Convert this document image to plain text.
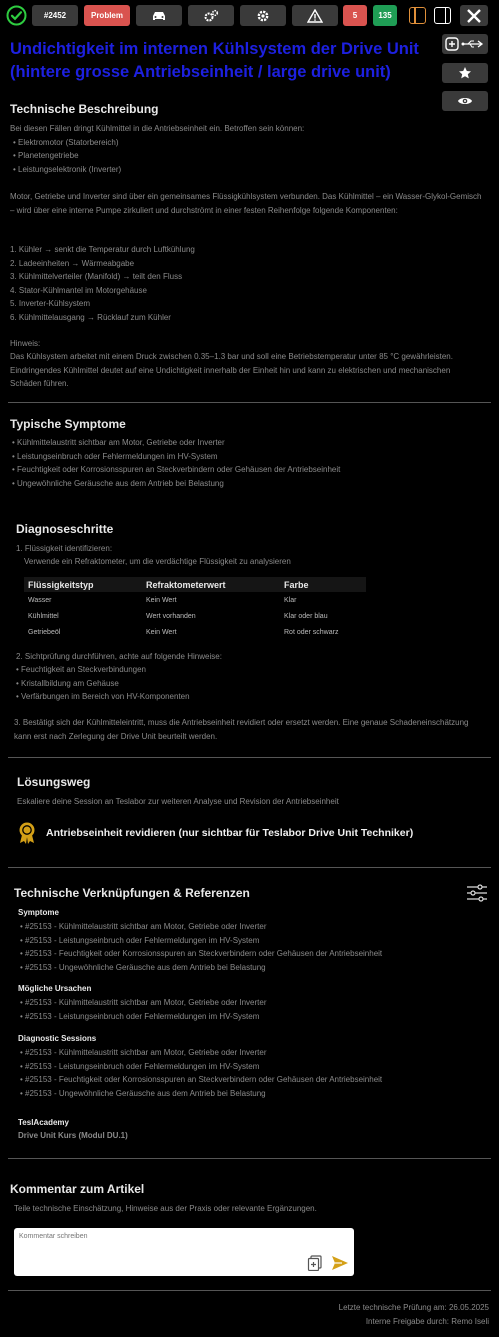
#2452	Problem	5	135
Undichtigkeit im internen Kühlsystem der Drive Unit (hintere grosse Antriebseinheit / large drive unit)
Technische Beschreibung
Bei diesen Fällen dringt Kühlmittel in die Antriebseinheit ein. Betroffen sein können:
• Elektromotor (Statorbereich)
• Planetengetriebe
• Leistungselektronik (Inverter)
Motor, Getriebe und Inverter sind über ein gemeinsames Flüssigkühlsystem verbunden. Das Kühlmittel – ein Wasser-Glykol-Gemisch – wird über eine interne Pumpe zirkuliert und durchströmt in einer festen Reihenfolge folgende Komponenten:
1. Kühler → senkt die Temperatur durch Luftkühlung
2. Ladeeinheiten → Wärmeabgabe
3. Kühlmittelverteiler (Manifold) → teilt den Fluss
4. Stator-Kühlmantel im Motorgehäuse
5. Inverter-Kühlsystem
6. Kühlmittelausgang → Rücklauf zum Kühler
Hinweis:
Das Kühlsystem arbeitet mit einem Druck zwischen 0.35–1.3 bar und soll eine Betriebstemperatur unter 85 °C gewährleisten. Eindringendes Kühlmittel deutet auf eine Undichtigkeit innerhalb der Einheit hin und kann zu elektrischen und mechanischen Schäden führen.
Typische Symptome
• Kühlmittelaustritt sichtbar am Motor, Getriebe oder Inverter
• Leistungseinbruch oder Fehlermeldungen im HV-System
• Feuchtigkeit oder Korrosionsspuren an Steckverbindern oder Gehäusen der Antriebseinheit
• Ungewöhnliche Geräusche aus dem Antrieb bei Belastung
Diagnoseschritte
1. Flüssigkeit identifizieren:
Verwende ein Refraktometer, um die verdächtige Flüssigkeit zu analysieren
Flüssigkeitstyp	Refraktometerwert	Farbe
Wasser	Kein Wert	Klar
Kühlmittel	Wert vorhanden	Klar oder blau
Getriebeöl	Kein Wert	Rot oder schwarz
2. Sichtprüfung durchführen, achte auf folgende Hinweise:
• Feuchtigkeit an Steckverbindungen
• Kristallbildung am Gehäuse
• Verfärbungen im Bereich von HV-Komponenten
3. Bestätigt sich der Kühlmitteleintritt, muss die Antriebseinheit revidiert oder ersetzt werden. Eine genaue Schadeneinschätzung kann erst nach Zerlegung der Drive Unit beurteilt werden.
Lösungsweg
Eskaliere deine Session an Teslabor zur weiteren Analyse und Revision der Antriebseinheit
Antriebseinheit revidieren (nur sichtbar für Teslabor Drive Unit Techniker)
Technische Verknüpfungen & Referenzen
Symptome
• #25153 - Kühlmittelaustritt sichtbar am Motor, Getriebe oder Inverter
• #25153 - Leistungseinbruch oder Fehlermeldungen im HV-System
• #25153 - Feuchtigkeit oder Korrosionsspuren an Steckverbindern oder Gehäusen der Antriebseinheit
• #25153 - Ungewöhnliche Geräusche aus dem Antrieb bei Belastung
Mögliche Ursachen
• #25153 - Kühlmittelaustritt sichtbar am Motor, Getriebe oder Inverter
• #25153 - Leistungseinbruch oder Fehlermeldungen im HV-System
Diagnostic Sessions
• #25153 - Kühlmittelaustritt sichtbar am Motor, Getriebe oder Inverter
• #25153 - Leistungseinbruch oder Fehlermeldungen im HV-System
• #25153 - Feuchtigkeit oder Korrosionsspuren an Steckverbindern oder Gehäusen der Antriebseinheit
• #25153 - Ungewöhnliche Geräusche aus dem Antrieb bei Belastung
TeslAcademy
Drive Unit Kurs (Modul DU.1)
Kommentar zum Artikel
Teile technische Einschätzung, Hinweise aus der Praxis oder relevante Ergänzungen.
Kommentar schreiben
Letzte technische Prüfung am: 26.05.2025
Interne Freigabe durch: Remo Iseli
